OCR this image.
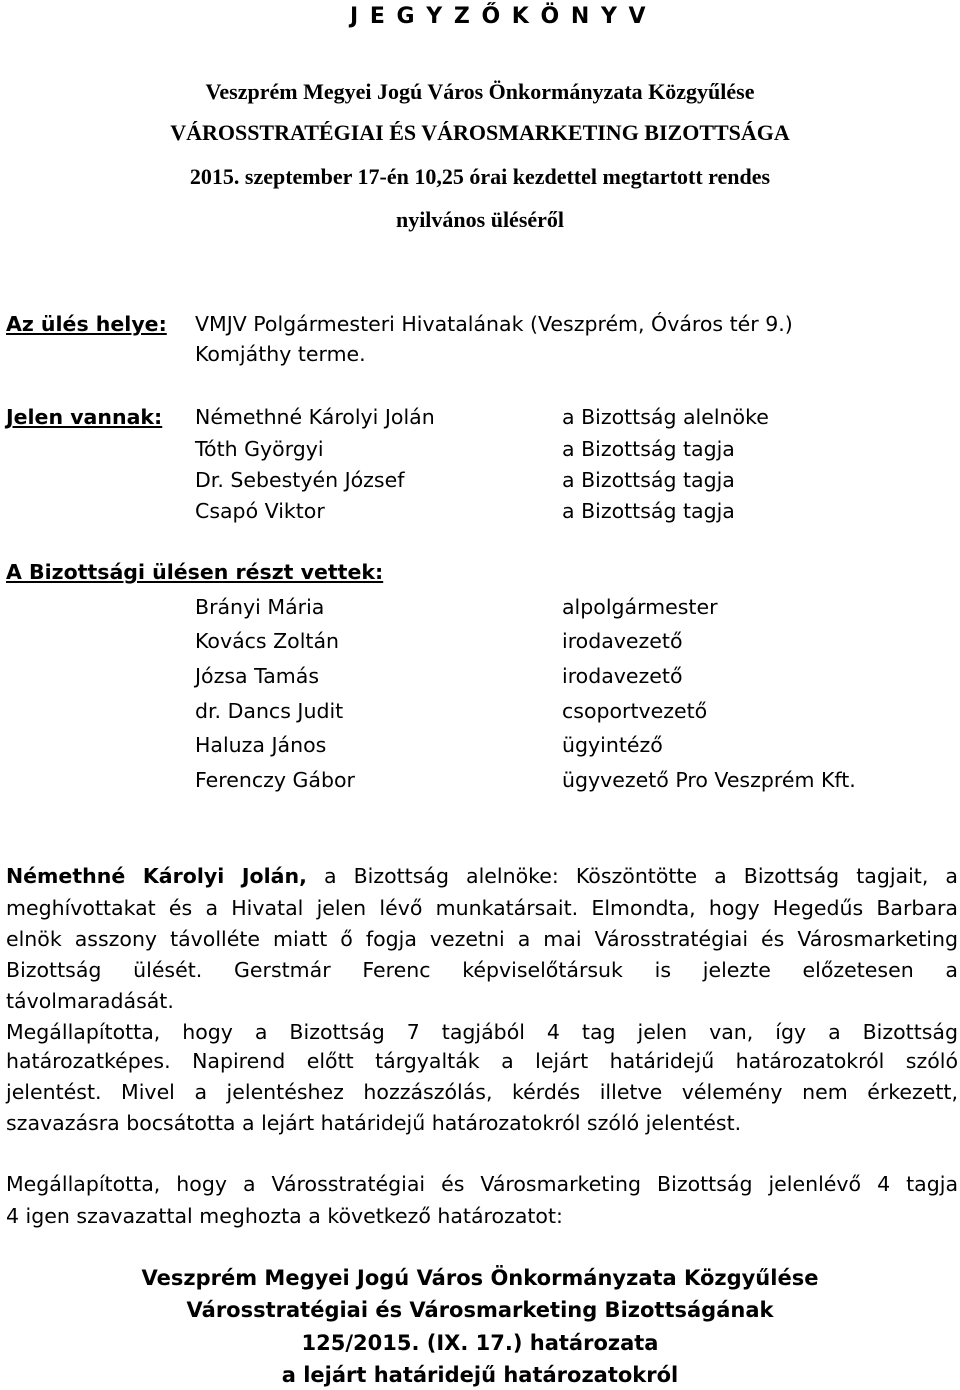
J E G Y Z Ő K Ö N Y V
Veszprém Megyei Jogú Város Önkormányzata Közgyűlése
VÁROSSTRATÉGIAI ÉS VÁROSMARKETING BIZOTTSÁGA
2015. szeptember 17-én 10,25 órai kezdettel megtartott rendes
nyilvános üléséről
Az ülés helye: VMJV Polgármesteri Hivatalának (Veszprém, Óváros tér 9.)
Komjáthy terme.
Jelen vannak: Némethné Károlyi Jolán	a Bizottság alelnöke
Tóth Györgyi	a Bizottság tagja
Dr. Sebestyén József	a Bizottság tagja
Csapó Viktor	a Bizottság tagja
A Bizottsági ülésen részt vettek:
Brányi Mária	alpolgármester
Kovács Zoltán	irodavezető
Józsa Tamás	irodavezető
dr. Dancs Judit	csoportvezető
Haluza János	ügyintéző
Ferenczy Gábor	ügyvezető Pro Veszprém Kft.
Némethné Károlyi Jolán, a Bizottság alelnöke: Köszöntötte a Bizottság tagjait, a
meghívottakat és a Hivatal jelen lévő munkatársait. Elmondta, hogy Hegedűs Barbara
elnök asszony távolléte miatt ő fogja vezetni a mai Városstratégiai és Városmarketing
Bizottság ülését. Gerstmár Ferenc képviselőtársuk is jelezte előzetesen a
távolmaradását.
Megállapította, hogy a Bizottság 7 tagjából 4 tag jelen van, így a Bizottság
határozatképes. Napirend előtt tárgyalták a lejárt határidejű határozatokról szóló
jelentést. Mivel a jelentéshez hozzászólás, kérdés illetve vélemény nem érkezett,
szavazásra bocsátotta a lejárt határidejű határozatokról szóló jelentést.
Megállapította, hogy a Városstratégiai és Városmarketing Bizottság jelenlévő 4 tagja
4 igen szavazattal meghozta a következő határozatot:
Veszprém Megyei Jogú Város Önkormányzata Közgyűlése
Városstratégiai és Városmarketing Bizottságának
125/2015. (IX. 17.) határozata
a lejárt határidejű határozatokról
